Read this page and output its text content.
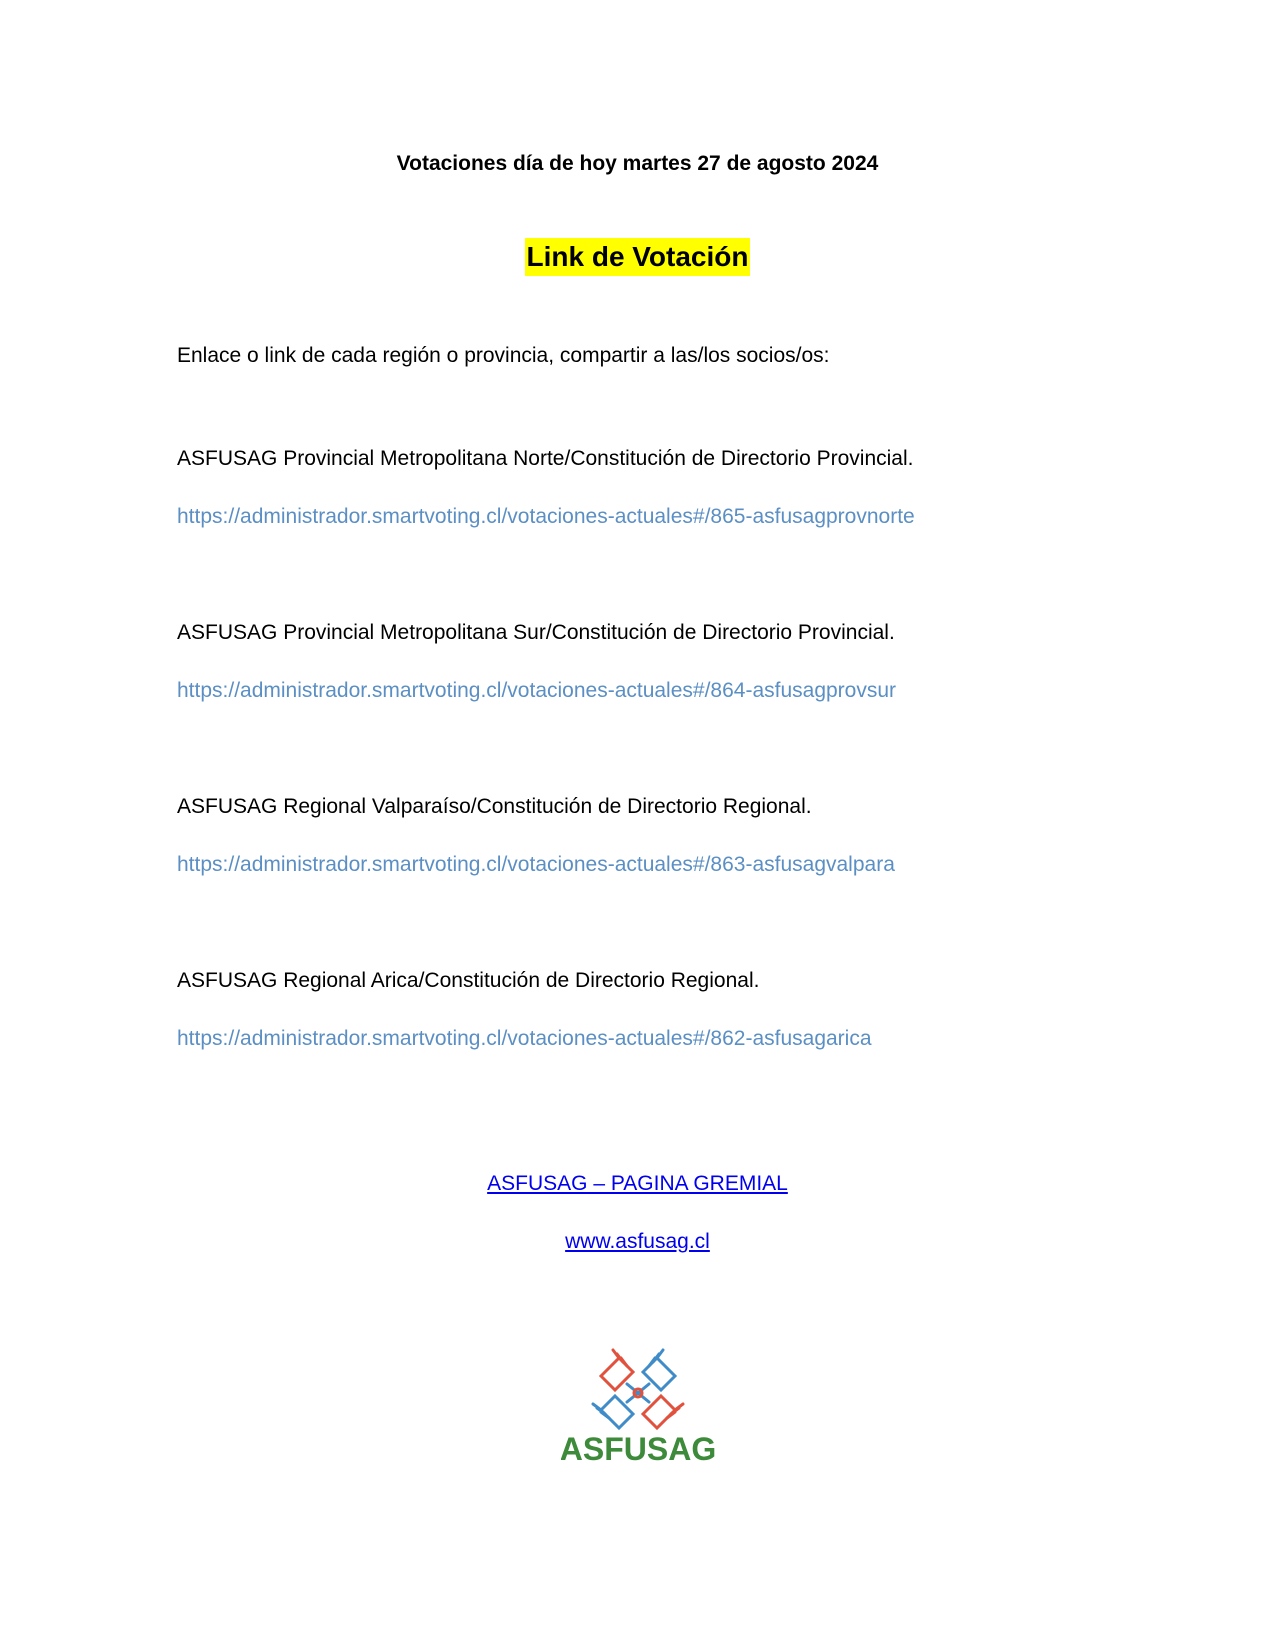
Votaciones día de hoy martes 27 de agosto 2024
Link de Votación
Enlace o link de cada región o provincia, compartir a las/los socios/os:
ASFUSAG Provincial Metropolitana Norte/Constitución de Directorio Provincial.
https://administrador.smartvoting.cl/votaciones-actuales#/865-asfusagprovnorte
ASFUSAG Provincial Metropolitana Sur/Constitución de Directorio Provincial.
https://administrador.smartvoting.cl/votaciones-actuales#/864-asfusagprovsur
ASFUSAG Regional Valparaíso/Constitución de Directorio Regional.
https://administrador.smartvoting.cl/votaciones-actuales#/863-asfusagvalpara
ASFUSAG Regional Arica/Constitución de Directorio Regional.
https://administrador.smartvoting.cl/votaciones-actuales#/862-asfusagarica
ASFUSAG – PAGINA GREMIAL
www.asfusag.cl
ASFUSAG
